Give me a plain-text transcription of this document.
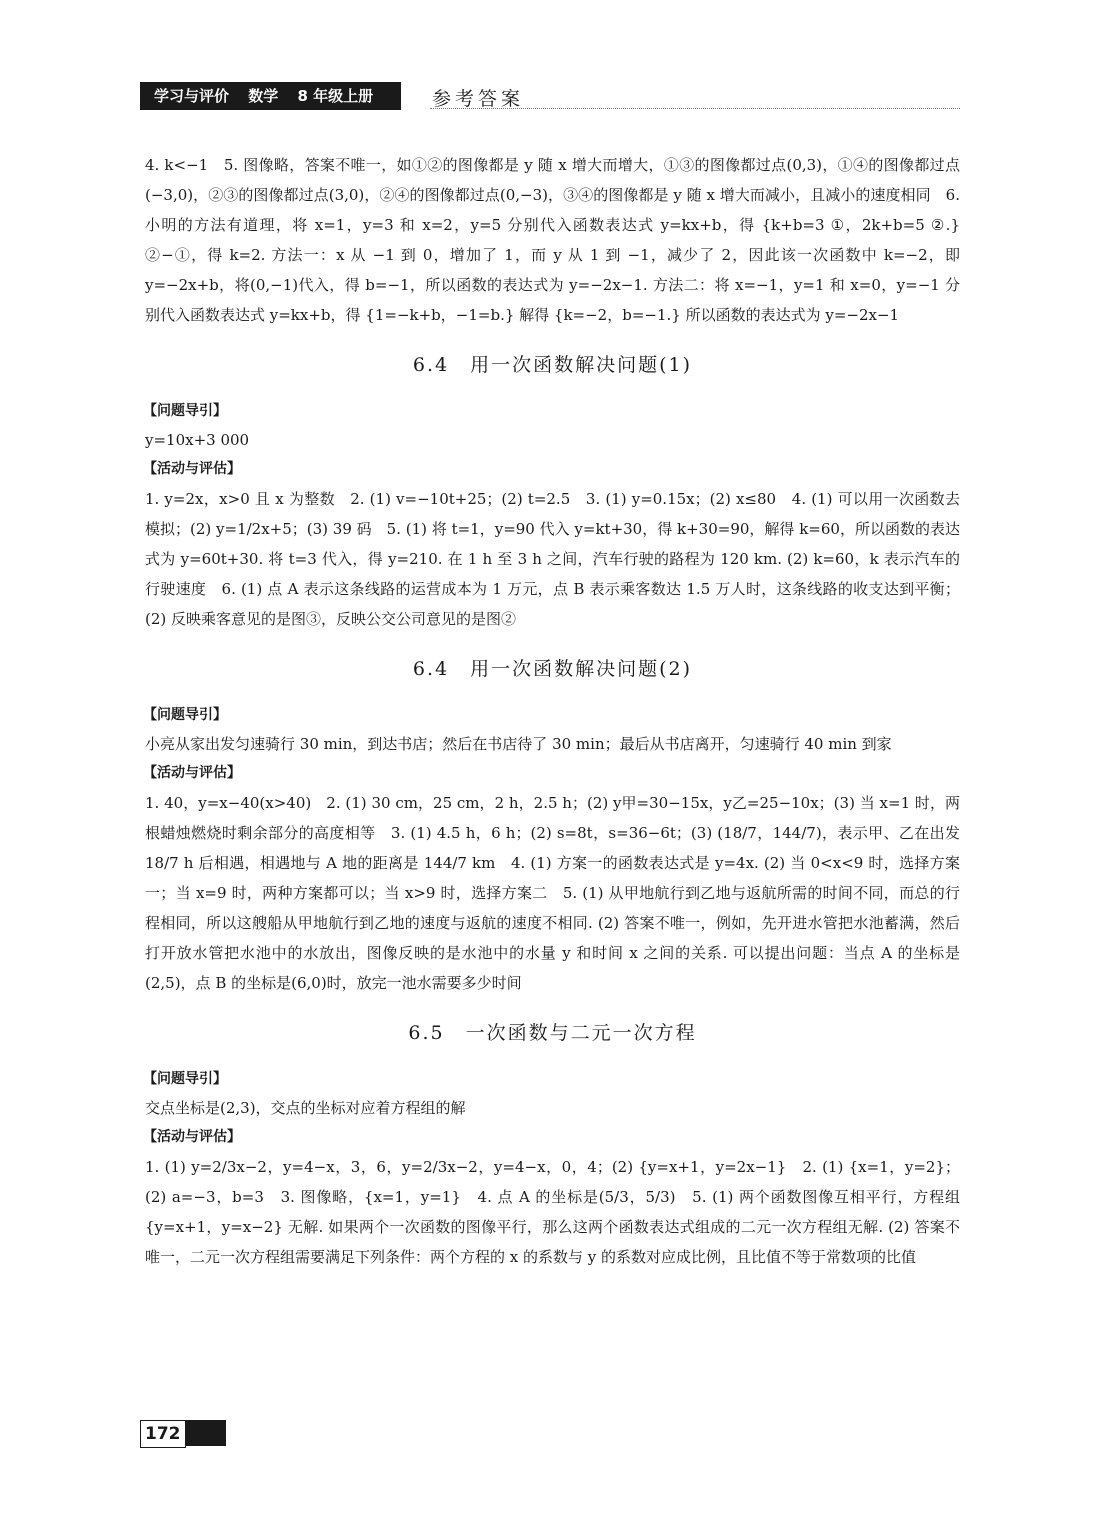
学习与评价 数学 8 年级上册	参考答案

4. k<−1　5. 图像略，答案不唯一，如①②的图像都是 y 随 x 增大而增大，①③的图像都过点(0,3)，①④的图像都过点(−3,0)，②③的图像都过点(3,0)，②④的图像都过点(0,−3)，③④的图像都是 y 随 x 增大而减小，且减小的速度相同　6. 小明的方法有道理，将 x=1，y=3 和 x=2，y=5 分别代入函数表达式 y=kx+b，得 {k+b=3 ①，2k+b=5 ②.} ②−①，得 k=2. 方法一：x 从 −1 到 0，增加了 1，而 y 从 1 到 −1，减少了 2，因此该一次函数中 k=−2，即 y=−2x+b，将(0,−1)代入，得 b=−1，所以函数的表达式为 y=−2x−1. 方法二：将 x=−1，y=1 和 x=0，y=−1 分别代入函数表达式 y=kx+b，得 {1=−k+b，−1=b.} 解得 {k=−2，b=−1.} 所以函数的表达式为 y=−2x−1

6.4　用一次函数解决问题(1)
【问题导引】
y=10x+3 000
【活动与评估】

1. y=2x，x>0 且 x 为整数　2. (1) v=−10t+25；(2) t=2.5　3. (1) y=0.15x；(2) x≤80　4. (1) 可以用一次函数去模拟；(2) y=1/2x+5；(3) 39 码　5. (1) 将 t=1，y=90 代入 y=kt+30，得 k+30=90，解得 k=60，所以函数的表达式为 y=60t+30. 将 t=3 代入，得 y=210. 在 1 h 至 3 h 之间，汽车行驶的路程为 120 km. (2) k=60，k 表示汽车的行驶速度　6. (1) 点 A 表示这条线路的运营成本为 1 万元，点 B 表示乘客数达 1.5 万人时，这条线路的收支达到平衡；(2) 反映乘客意见的是图③，反映公交公司意见的是图②

6.4　用一次函数解决问题(2)
【问题导引】
小亮从家出发匀速骑行 30 min，到达书店；然后在书店待了 30 min；最后从书店离开，匀速骑行 40 min 到家
【活动与评估】

1. 40，y=x−40(x>40)　2. (1) 30 cm，25 cm，2 h，2.5 h；(2) y甲=30−15x，y乙=25−10x；(3) 当 x=1 时，两根蜡烛燃烧时剩余部分的高度相等　3. (1) 4.5 h，6 h；(2) s=8t，s=36−6t；(3) (18/7，144/7)，表示甲、乙在出发 18/7 h 后相遇，相遇地与 A 地的距离是 144/7 km　4. (1) 方案一的函数表达式是 y=4x. (2) 当 0<x<9 时，选择方案一；当 x=9 时，两种方案都可以；当 x>9 时，选择方案二　5. (1) 从甲地航行到乙地与返航所需的时间不同，而总的行程相同，所以这艘船从甲地航行到乙地的速度与返航的速度不相同. (2) 答案不唯一，例如，先开进水管把水池蓄满，然后打开放水管把水池中的水放出，图像反映的是水池中的水量 y 和时间 x 之间的关系. 可以提出问题：当点 A 的坐标是(2,5)，点 B 的坐标是(6,0)时，放完一池水需要多少时间

6.5　一次函数与二元一次方程
【问题导引】
交点坐标是(2,3)，交点的坐标对应着方程组的解
【活动与评估】

1. (1) y=2/3x−2，y=4−x，3，6，y=2/3x−2，y=4−x，0，4；(2) {y=x+1，y=2x−1}　2. (1) {x=1，y=2}；(2) a=−3，b=3　3. 图像略，{x=1，y=1}　4. 点 A 的坐标是(5/3，5/3)　5. (1) 两个函数图像互相平行，方程组 {y=x+1，y=x−2} 无解. 如果两个一次函数的图像平行，那么这两个函数表达式组成的二元一次方程组无解. (2) 答案不唯一，二元一次方程组需要满足下列条件：两个方程的 x 的系数与 y 的系数对应成比例，且比值不等于常数项的比值

172
